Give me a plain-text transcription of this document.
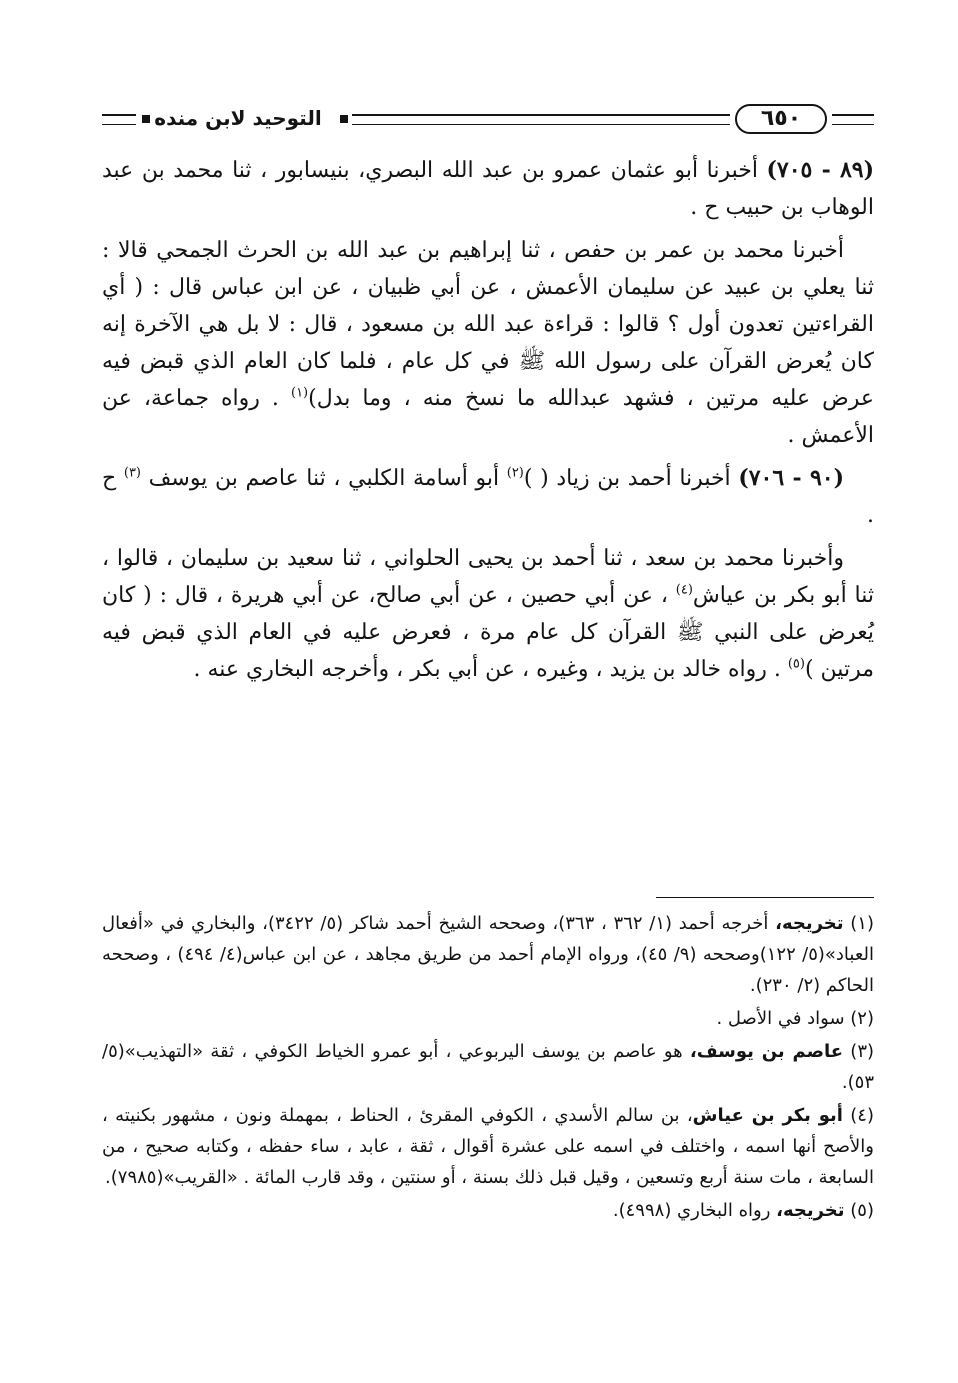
٦٥٠
التوحيد لابن منده

(٨٩ - ٧٠٥) أخبرنا أبو عثمان عمرو بن عبد الله البصري، بنيسابور ، ثنا محمد بن عبد الوهاب بن حبيب ح .

أخبرنا محمد بن عمر بن حفص ، ثنا إبراهيم بن عبد الله بن الحرث الجمحي قالا : ثنا يعلي بن عبيد عن سليمان الأعمش ، عن أبي ظبيان ، عن ابن عباس قال : ( أي القراءتين تعدون أول ؟ قالوا : قراءة عبد الله بن مسعود ، قال : لا بل هي الآخرة إنه كان يُعرض القرآن على رسول الله ﷺ في كل عام ، فلما كان العام الذي قبض فيه عرض عليه مرتين ، فشهد عبدالله ما نسخ منه ، وما بدل)$^{(١)}$ . رواه جماعة، عن الأعمش .

(٩٠ - ٧٠٦) أخبرنا أحمد بن زياد ( )$^{(٢)}$ أبو أسامة الكلبي ، ثنا عاصم بن يوسف $^{(٣)}$ ح .

وأخبرنا محمد بن سعد ، ثنا أحمد بن يحيى الحلواني ، ثنا سعيد بن سليمان ، قالوا ، ثنا أبو بكر بن عياش$^{(٤)}$ ، عن أبي حصين ، عن أبي صالح، عن أبي هريرة ، قال : ( كان يُعرض على النبي ﷺ القرآن كل عام مرة ، فعرض عليه في العام الذي قبض فيه مرتين )$^{(٥)}$ . رواه خالد بن يزيد ، وغيره ، عن أبي بكر ، وأخرجه البخاري عنه .

(١) تخريجه، أخرجه أحمد (١/ ٣٦٢ ، ٣٦٣)، وصححه الشيخ أحمد شاكر (٥/ ٣٤٢٢)، والبخاري في «أفعال العباد»(٥/ ١٢٢)وصححه (٩/ ٤٥)، ورواه الإمام أحمد من طريق مجاهد ، عن ابن عباس(٤/ ٤٩٤) ، وصححه الحاكم (٢/ ٢٣٠).

(٢) سواد في الأصل .

(٣) عاصم بن يوسف، هو عاصم بن يوسف اليربوعي ، أبو عمرو الخياط الكوفي ، ثقة «التهذيب»(٥/ ٥٣).

(٤) أبو بكر بن عياش، بن سالم الأسدي ، الكوفي المقرئ ، الحناط ، بمهملة ونون ، مشهور بكنيته ، والأصح أنها اسمه ، واختلف في اسمه على عشرة أقوال ، ثقة ، عابد ، ساء حفظه ، وكتابه صحيح ، من السابعة ، مات سنة أربع وتسعين ، وقيل قبل ذلك بسنة ، أو سنتين ، وقد قارب المائة . «القريب»(٧٩٨٥).

(٥) تخريجه، رواه البخاري (٤٩٩٨).
